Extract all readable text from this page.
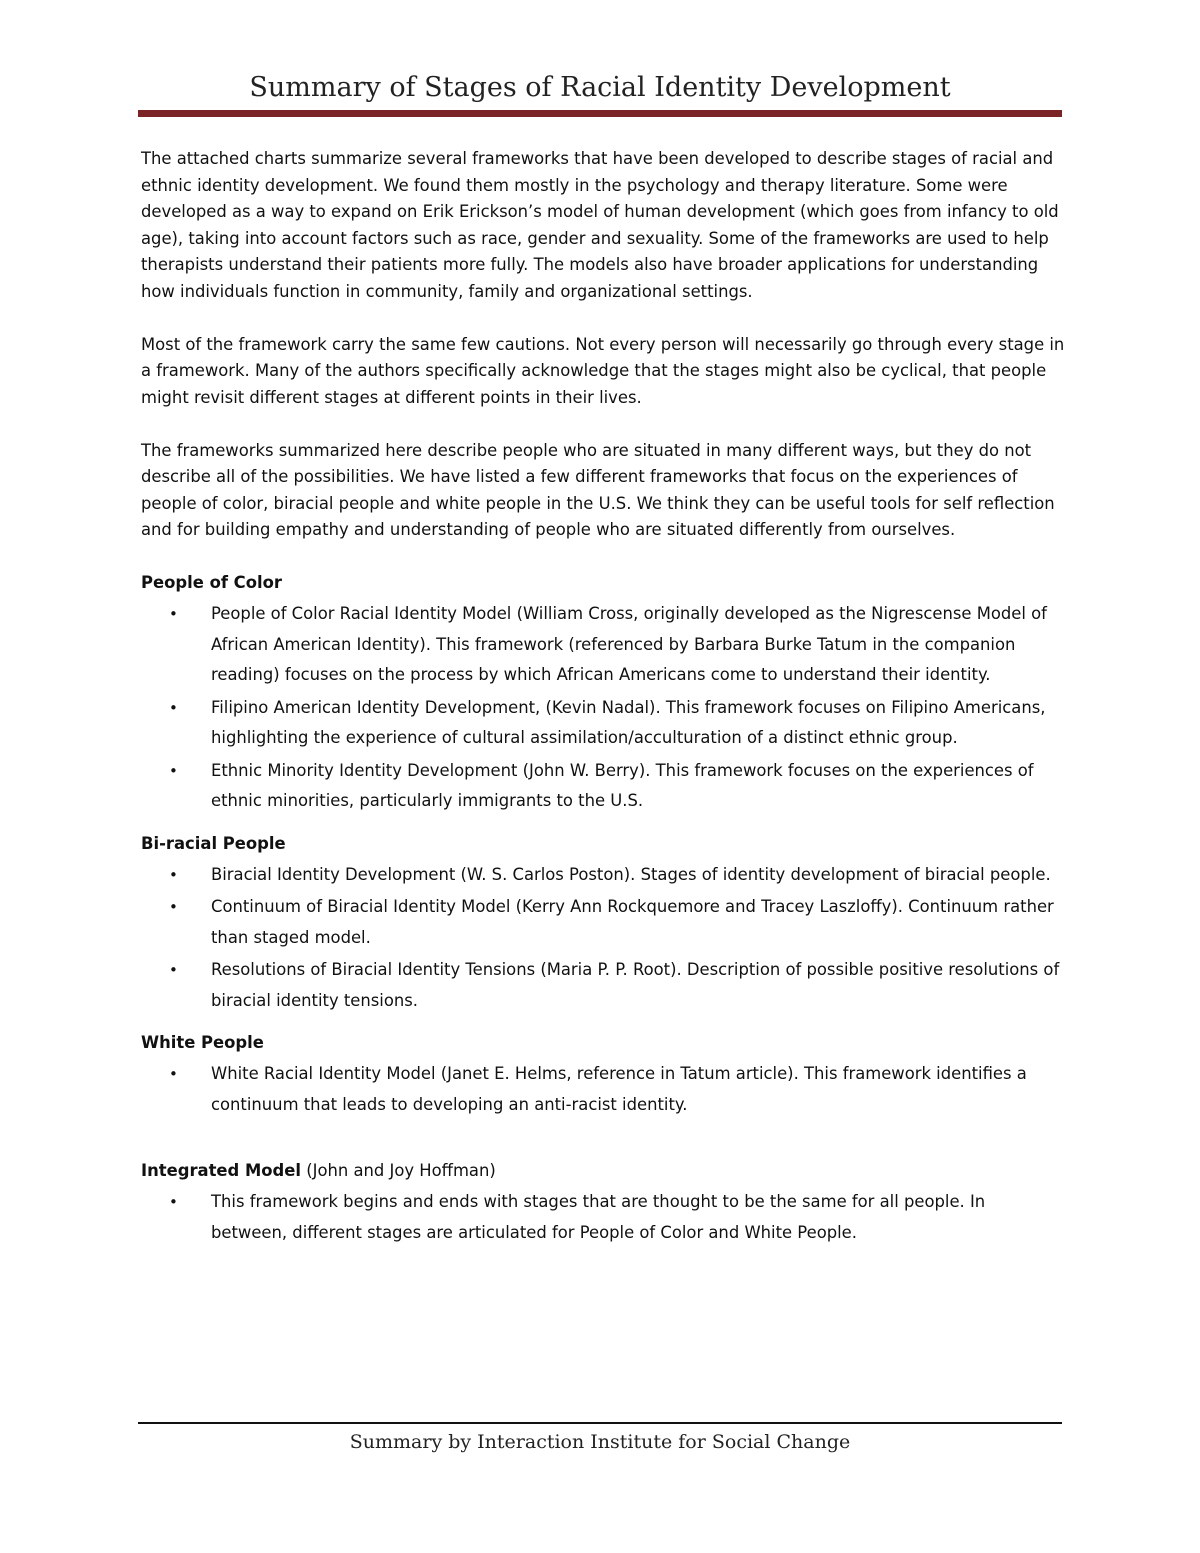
Summary of Stages of Racial Identity Development

The attached charts summarize several frameworks that have been developed to describe stages of racial and ethnic identity development. We found them mostly in the psychology and therapy literature. Some were developed as a way to expand on Erik Erickson’s model of human development (which goes from infancy to old age), taking into account factors such as race, gender and sexuality. Some of the frameworks are used to help therapists understand their patients more fully. The models also have broader applications for understanding how individuals function in community, family and organizational settings.

Most of the framework carry the same few cautions. Not every person will necessarily go through every stage in a framework. Many of the authors specifically acknowledge that the stages might also be cyclical, that people might revisit different stages at different points in their lives.

The frameworks summarized here describe people who are situated in many different ways, but they do not describe all of the possibilities. We have listed a few different frameworks that focus on the experiences of people of color, biracial people and white people in the U.S. We think they can be useful tools for self reflection and for building empathy and understanding of people who are situated differently from ourselves.

People of Color
• People of Color Racial Identity Model (William Cross, originally developed as the Nigrescense Model of African American Identity). This framework (referenced by Barbara Burke Tatum in the companion reading) focuses on the process by which African Americans come to understand their identity.
• Filipino American Identity Development, (Kevin Nadal). This framework focuses on Filipino Americans, highlighting the experience of cultural assimilation/acculturation of a distinct ethnic group.
• Ethnic Minority Identity Development (John W. Berry). This framework focuses on the experiences of ethnic minorities, particularly immigrants to the U.S.
Bi-racial People
• Biracial Identity Development (W. S. Carlos Poston). Stages of identity development of biracial people.
• Continuum of Biracial Identity Model (Kerry Ann Rockquemore and Tracey Laszloffy). Continuum rather than staged model.
• Resolutions of Biracial Identity Tensions (Maria P. P. Root). Description of possible positive resolutions of biracial identity tensions.
White People
• White Racial Identity Model (Janet E. Helms, reference in Tatum article). This framework identifies a continuum that leads to developing an anti-racist identity.
Integrated Model (John and Joy Hoffman)
• This framework begins and ends with stages that are thought to be the same for all people. In between, different stages are articulated for People of Color and White People.
Summary by Interaction Institute for Social Change
